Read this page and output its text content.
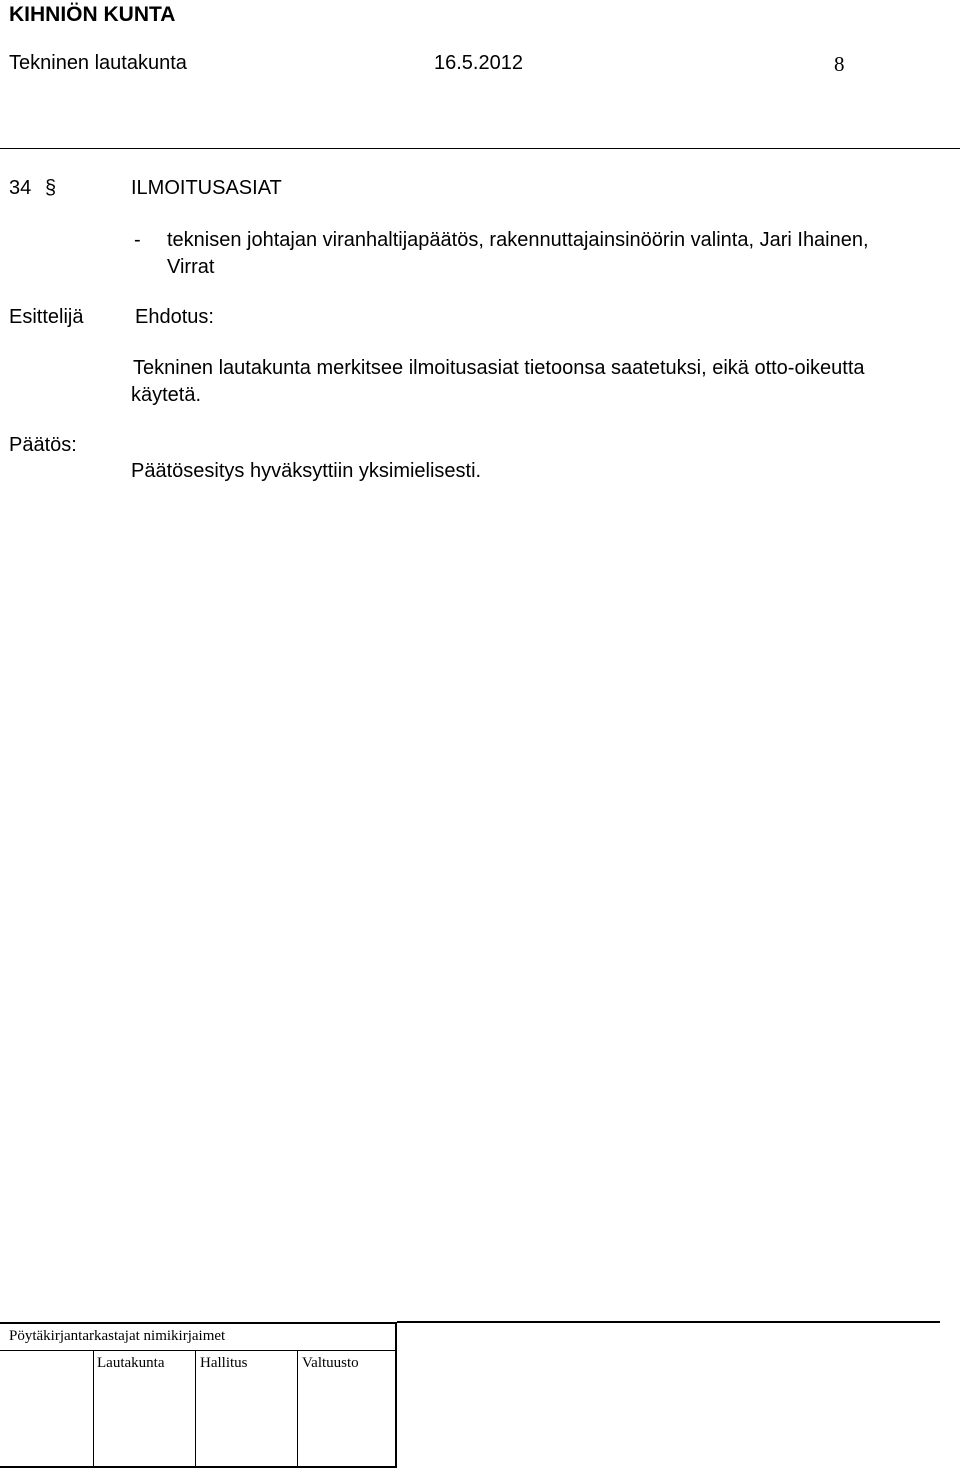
KIHNIÖN KUNTA
Tekninen lautakunta	16.5.2012	8
34 §	ILMOITUSASIAT
- teknisen johtajan viranhaltijapäätös, rakennuttajainsinöörin valinta, Jari Ihainen,
Virrat
Esittelijä	Ehdotus:
Tekninen lautakunta merkitsee ilmoitusasiat tietoonsa saatetuksi, eikä otto-oikeutta
käytetä.
Päätös:
Päätösesitys hyväksyttiin yksimielisesti.
Pöytäkirjantarkastajat nimikirjaimet
Lautakunta Hallitus	Valtuusto
